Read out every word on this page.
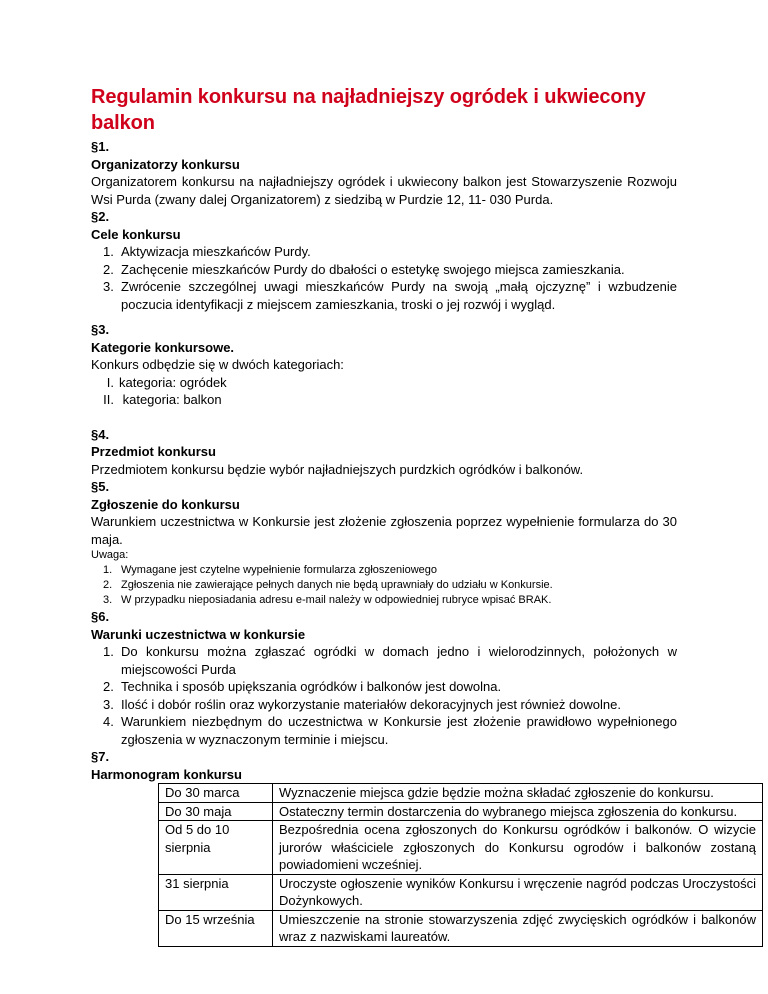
Regulamin konkursu na najładniejszy ogródek i ukwiecony balkon

§1.

Organizatorzy konkursu

Organizatorem konkursu na najładniejszy ogródek i ukwiecony balkon jest Stowarzyszenie Rozwoju Wsi Purda (zwany dalej Organizatorem) z siedzibą w Purdzie 12, 11- 030 Purda.

§2.

Cele konkursu

1. Aktywizacja mieszkańców Purdy.
2. Zachęcenie mieszkańców Purdy do dbałości o estetykę swojego miejsca zamieszkania.
3. Zwrócenie szczególnej uwagi mieszkańców Purdy na swoją „małą ojczyznę” i wzbudzenie poczucia identyfikacji z miejscem zamieszkania, troski o jej rozwój i wygląd.

§3.

Kategorie konkursowe.

Konkurs odbędzie się w dwóch kategoriach:

I. kategoria: ogródek
II. kategoria: balkon

§4.

Przedmiot konkursu

Przedmiotem konkursu będzie wybór najładniejszych purdzkich ogródków i balkonów.

§5.

Zgłoszenie do konkursu

Warunkiem uczestnictwa w Konkursie jest złożenie zgłoszenia poprzez wypełnienie formularza do 30 maja.

Uwaga:

1. Wymagane jest czytelne wypełnienie formularza zgłoszeniowego
2. Zgłoszenia nie zawierające pełnych danych nie będą uprawniały do udziału w Konkursie.
3. W przypadku nieposiadania adresu e-mail należy w odpowiedniej rubryce wpisać BRAK.

§6.

Warunki uczestnictwa w konkursie

1. Do konkursu można zgłaszać ogródki w domach jedno i wielorodzinnych, położonych w miejscowości Purda
2. Technika i sposób upiększania ogródków i balkonów jest dowolna.
3. Ilość i dobór roślin oraz wykorzystanie materiałów dekoracyjnych jest również dowolne.
4. Warunkiem niezbędnym do uczestnictwa w Konkursie jest złożenie prawidłowo wypełnionego zgłoszenia w wyznaczonym terminie i miejscu.

§7.

Harmonogram konkursu

Do 30 marca	Wyznaczenie miejsca gdzie będzie można składać zgłoszenie do konkursu.
Do 30 maja	Ostateczny termin dostarczenia do wybranego miejsca zgłoszenia do konkursu.
Od 5 do 10 sierpnia	Bezpośrednia ocena zgłoszonych do Konkursu ogródków i balkonów. O wizycie jurorów właściciele zgłoszonych do Konkursu ogrodów i balkonów zostaną powiadomieni wcześniej.
31 sierpnia	Uroczyste ogłoszenie wyników Konkursu i wręczenie nagród podczas Uroczystości Dożynkowych.
Do 15 września	Umieszczenie na stronie stowarzyszenia zdjęć zwycięskich ogródków i balkonów wraz z nazwiskami laureatów.
